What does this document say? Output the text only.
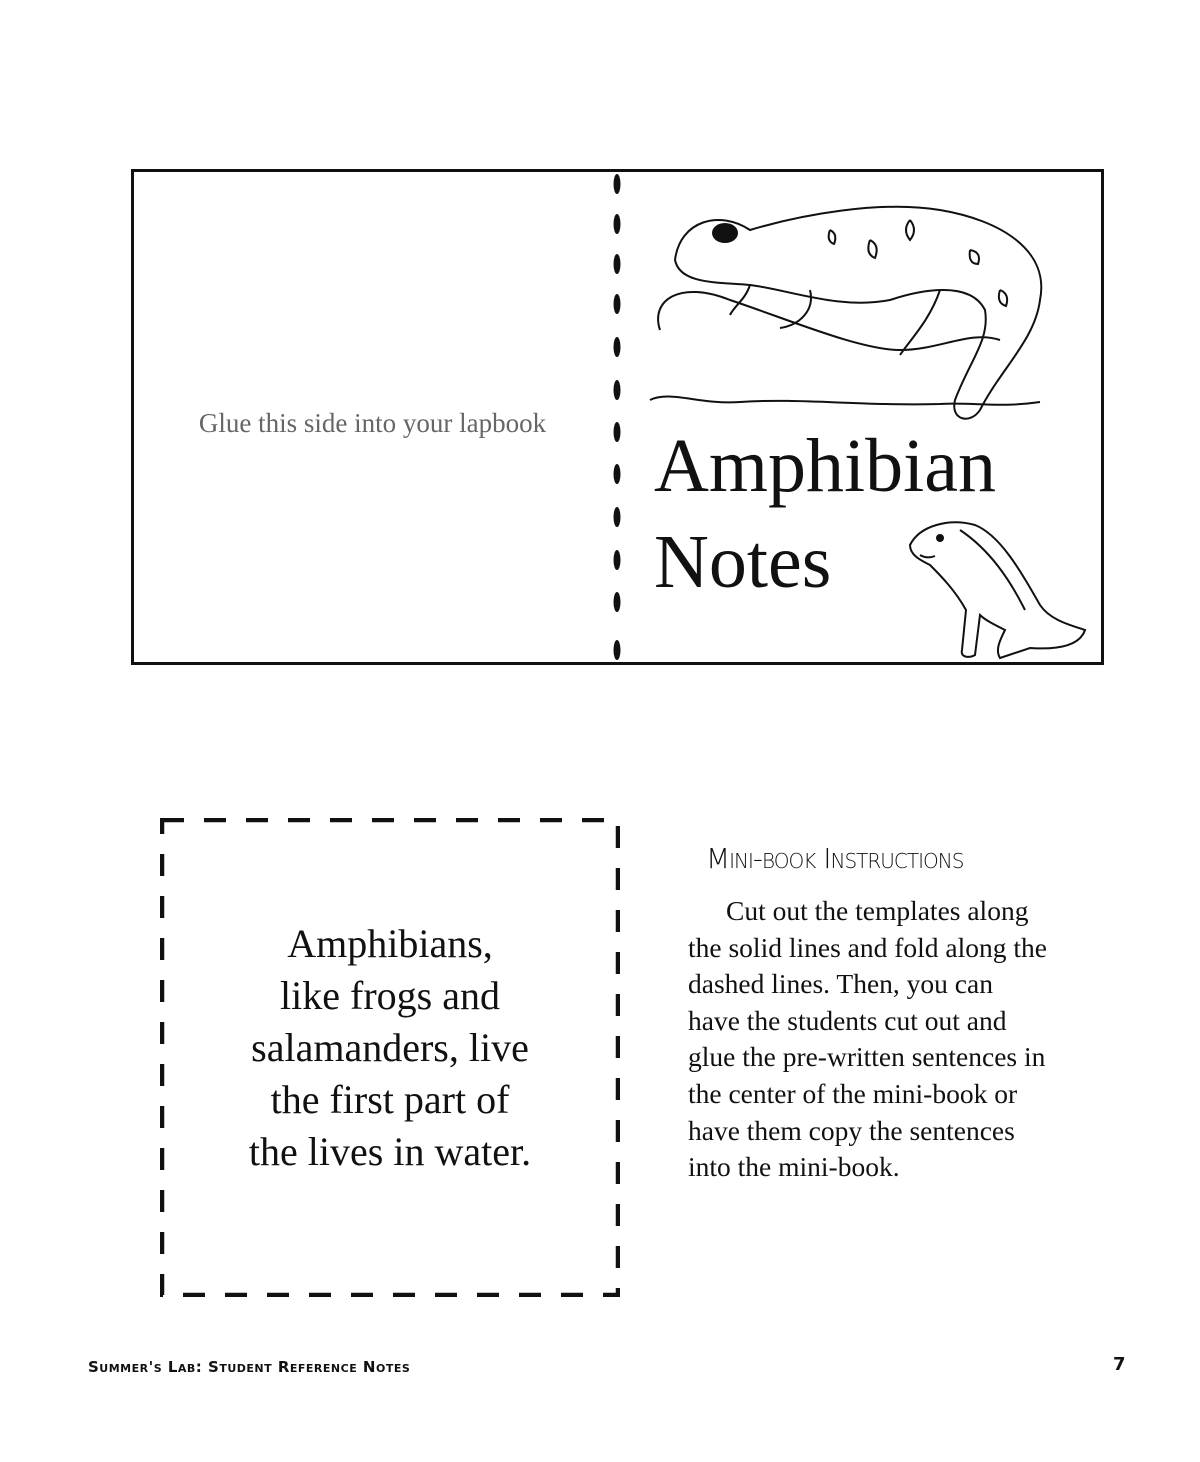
Glue this side into your lapbook
Amphibian
Notes
Amphibians,
like frogs and
salamanders, live
the first part of
the lives in water.
Mini-book Instructions
Cut out the templates along the solid lines and fold along the dashed lines. Then, you can have the students cut out and glue the pre-written sentences in the center of the mini-book or have them copy the sentences into the mini-book.
Summer's Lab: Student Reference Notes	7
